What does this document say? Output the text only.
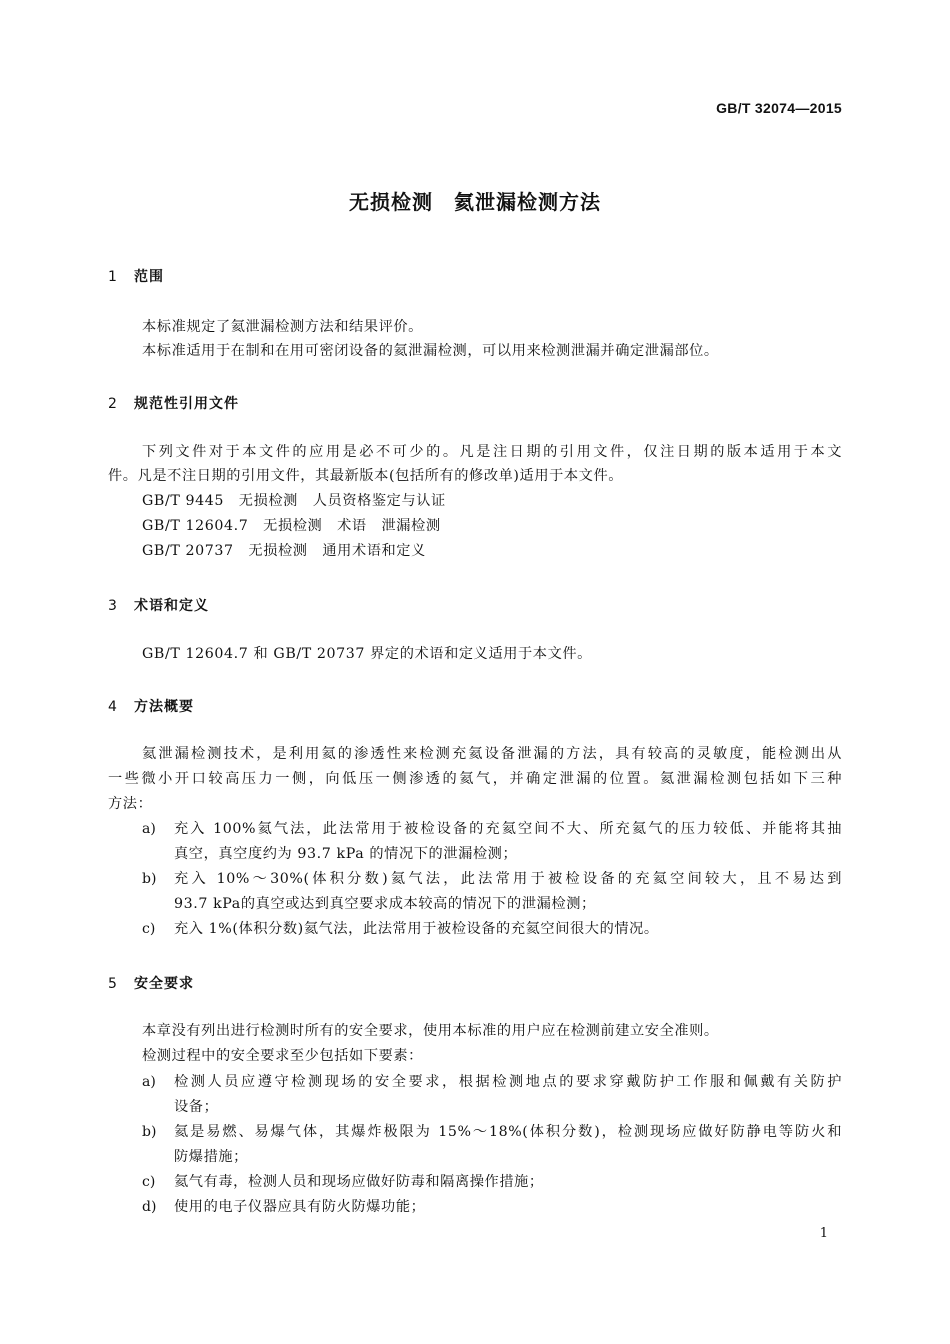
GB/T 32074—2015
无损检测　氦泄漏检测方法
1 范围
本标准规定了氦泄漏检测方法和结果评价。
本标准适用于在制和在用可密闭设备的氦泄漏检测，可以用来检测泄漏并确定泄漏部位。
2 规范性引用文件
下列文件对于本文件的应用是必不可少的。凡是注日期的引用文件，仅注日期的版本适用于本文
件。凡是不注日期的引用文件，其最新版本(包括所有的修改单)适用于本文件。
GB/T 9445　无损检测　人员资格鉴定与认证
GB/T 12604.7　无损检测　术语　泄漏检测
GB/T 20737　无损检测　通用术语和定义
3 术语和定义
GB/T 12604.7 和 GB/T 20737 界定的术语和定义适用于本文件。
4 方法概要
氦泄漏检测技术，是利用氦的渗透性来检测充氦设备泄漏的方法，具有较高的灵敏度，能检测出从
一些微小开口较高压力一侧，向低压一侧渗透的氦气，并确定泄漏的位置。氦泄漏检测包括如下三种
方法：
a) 充入 100%氦气法，此法常用于被检设备的充氦空间不大、所充氦气的压力较低、并能将其抽
真空，真空度约为 93.7 kPa 的情况下的泄漏检测；
b) 充入 10%～30%(体积分数)氦气法，此法常用于被检设备的充氦空间较大，且不易达到
93.7 kPa的真空或达到真空要求成本较高的情况下的泄漏检测；
c) 充入 1%(体积分数)氦气法，此法常用于被检设备的充氦空间很大的情况。
5 安全要求
本章没有列出进行检测时所有的安全要求，使用本标准的用户应在检测前建立安全准则。
检测过程中的安全要求至少包括如下要素：
a) 检测人员应遵守检测现场的安全要求，根据检测地点的要求穿戴防护工作服和佩戴有关防护
设备；
b) 氦是易燃、易爆气体，其爆炸极限为 15%～18%(体积分数)，检测现场应做好防静电等防火和
防爆措施；
c) 氦气有毒，检测人员和现场应做好防毒和隔离操作措施；
d) 使用的电子仪器应具有防火防爆功能；
1
